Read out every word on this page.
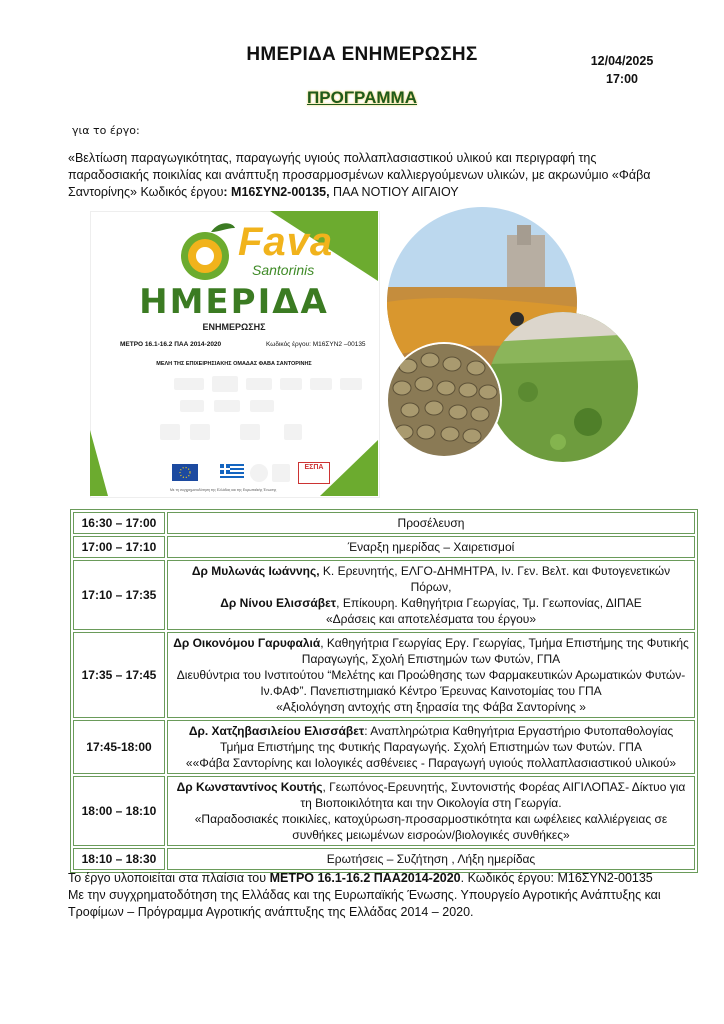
ΗΜΕΡΙΔΑ ΕΝΗΜΕΡΩΣΗΣ	12/04/2025
17:00
ΠΡΟΓΡΑΜΜΑ
για το έργο:
«Βελτίωση παραγωγικότητας, παραγωγής υγιούς πολλαπλασιαστικού υλικού και περιγραφή της παραδοσιακής ποικιλίας και ανάπτυξη προσαρμοσμένων καλλιεργούμενων υλικών, με ακρωνύμιο «Φάβα Σαντορίνης» Κωδικός έργου: Μ16ΣΥΝ2-00135, ΠΑΑ ΝΟΤΙΟΥ ΑΙΓΑΙΟΥ
Fava
Santorinis
ΗΜΕΡΙΔΑ
ΕΝΗΜΕΡΩΣΗΣ
ΜΕΤΡΟ 16.1-16.2 ΠΑΑ 2014-2020	Κωδικός έργου: Μ16ΣΥΝ2 –00135
ΜΕΛΗ ΤΗΣ ΕΠΙΧΕΙΡΗΣΙΑΚΗΣ ΟΜΑΔΑΣ ΦΑΒΑ ΣΑΝΤΟΡΙΝΗΣ
ΕΣΠΑ
Με τη συγχρηματοδότηση της Ελλάδας και της Ευρωπαϊκής Ένωσης
16:30 – 17:00	Προσέλευση
17:00 – 17:10	Έναρξη ημερίδας – Χαιρετισμοί
17:10 – 17:35	Δρ Μυλωνάς Ιωάννης, Κ. Ερευνητής, ΕΛΓΟ-ΔΗΜΗΤΡΑ, Ιν. Γεν. Βελτ. και Φυτογενετικών Πόρων,
Δρ Νίνου Ελισσάβετ, Επίκουρη. Καθηγήτρια Γεωργίας, Τμ. Γεωπονίας, ΔΙΠΑΕ
«Δράσεις και αποτελέσματα του έργου»
17:35 – 17:45	Δρ Οικονόμου Γαρυφαλιά, Καθηγήτρια Γεωργίας Εργ. Γεωργίας, Τμήμα Επιστήμης της Φυτικής Παραγωγής, Σχολή Επιστημών των Φυτών, ΓΠΑ
Διευθύντρια του Ινστιτούτου “Μελέτης και Προώθησης των Φαρμακευτικών Αρωματικών Φυτών- Ιν.ΦΑΦ”. Πανεπιστημιακό Κέντρο Έρευνας Καινοτομίας του ΓΠΑ
«Αξιολόγηση αντοχής στη ξηρασία της Φάβα Σαντορίνης »
17:45-18:00	Δρ. Χατζηβασιλείου Ελισσάβετ: Αναπληρώτρια Καθηγήτρια Εργαστήριο Φυτοπαθολογίας Τμήμα Επιστήμης της Φυτικής Παραγωγής. Σχολή Επιστημών των Φυτών. ΓΠΑ
««Φάβα Σαντορίνης και Ιολογικές ασθένειες - Παραγωγή υγιούς πολλαπλασιαστικού υλικού»
18:00 – 18:10	Δρ Κωνσταντίνος Κουτής, Γεωπόνος-Ερευνητής, Συντονιστής Φορέας ΑΙΓΙΛΟΠΑΣ- Δίκτυο για τη Βιοποικιλότητα και την Οικολογία στη Γεωργία.
«Παραδοσιακές ποικιλίες, κατοχύρωση-προσαρμοστικότητα και ωφέλειες καλλιέργειας σε συνθήκες μειωμένων εισροών/βιολογικές συνθήκες»
18:10 – 18:30	Ερωτήσεις – Συζήτηση , Λήξη ημερίδας
Το έργο υλοποιείται στα πλαίσια του ΜΕΤΡΟ 16.1-16.2 ΠΑΑ2014-2020. Κωδικός έργου: Μ16ΣΥΝ2-00135
Με την συγχρηματοδότηση της Ελλάδας και της Ευρωπαϊκής Ένωσης. Υπουργείο Αγροτικής Ανάπτυξης και Τροφίμων – Πρόγραμμα Αγροτικής ανάπτυξης της Ελλάδας 2014 – 2020.
